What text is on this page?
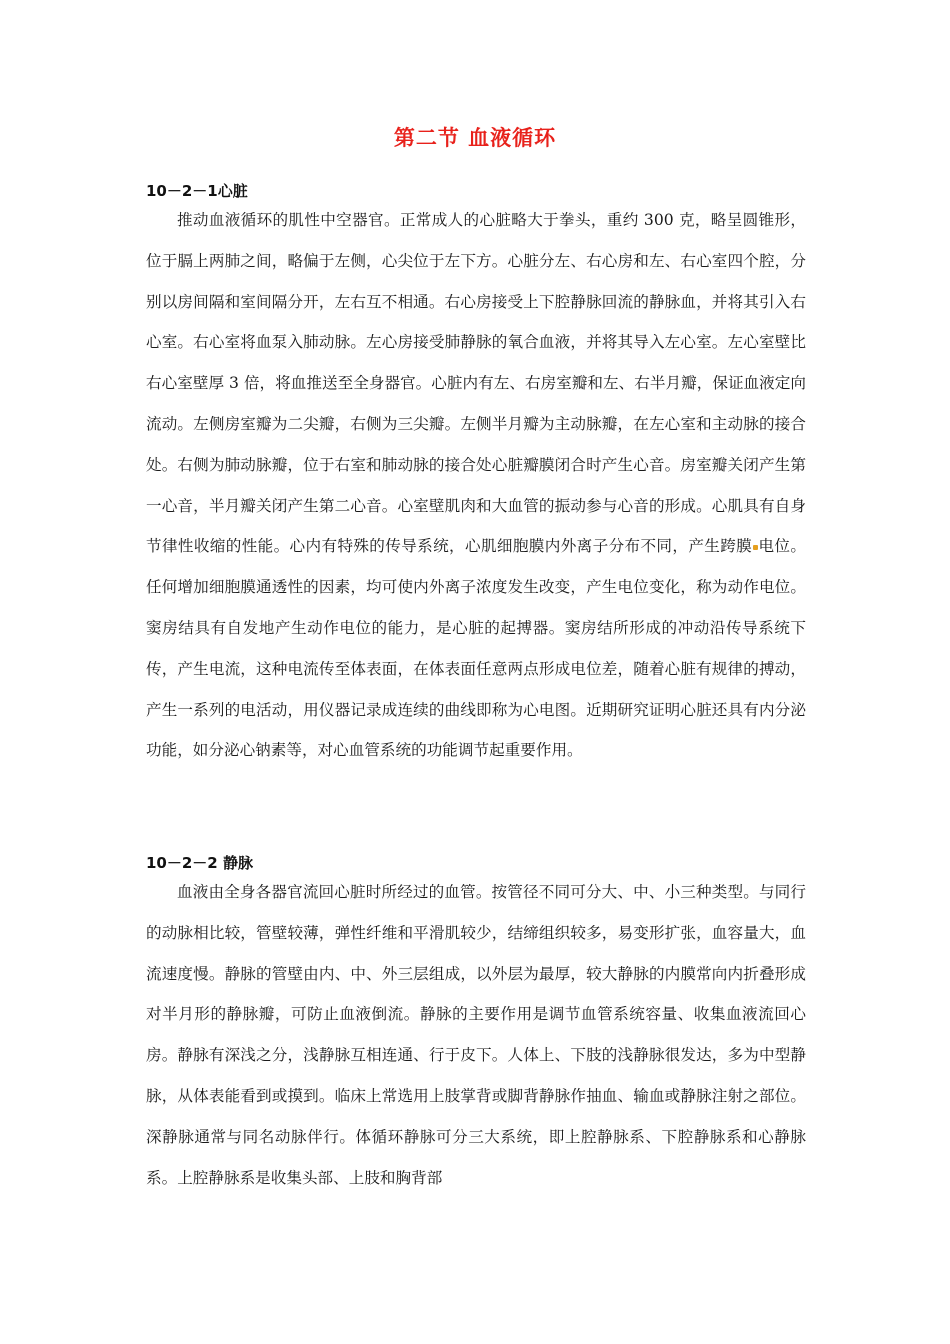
第二节 血液循环
10－2－1心脏

推动血液循环的肌性中空器官。正常成人的心脏略大于拳头，重约 300 克，略呈圆锥形，位于膈上两肺之间，略偏于左侧，心尖位于左下方。心脏分左、右心房和左、右心室四个腔，分别以房间隔和室间隔分开，左右互不相通。右心房接受上下腔静脉回流的静脉血，并将其引入右心室。右心室将血泵入肺动脉。左心房接受肺静脉的氧合血液，并将其导入左心室。左心室壁比右心室壁厚 3 倍，将血推送至全身器官。心脏内有左、右房室瓣和左、右半月瓣，保证血液定向流动。左侧房室瓣为二尖瓣，右侧为三尖瓣。左侧半月瓣为主动脉瓣，在左心室和主动脉的接合处。右侧为肺动脉瓣，位于右室和肺动脉的接合处心脏瓣膜闭合时产生心音。房室瓣关闭产生第一心音，半月瓣关闭产生第二心音。心室壁肌肉和大血管的振动参与心音的形成。心肌具有自身节律性收缩的性能。心内有特殊的传导系统，心肌细胞膜内外离子分布不同，产生跨膜 电位。任何增加细胞膜通透性的因素，均可使内外离子浓度发生改变，产生电位变化，称为动作电位。窦房结具有自发地产生动作电位的能力，是心脏的起搏器。窦房结所形成的冲动沿传导系统下传，产生电流，这种电流传至体表面，在体表面任意两点形成电位差，随着心脏有规律的搏动，产生一系列的电活动，用仪器记录成连续的曲线即称为心电图。近期研究证明心脏还具有内分泌功能，如分泌心钠素等，对心血管系统的功能调节起重要作用。

10－2－2 静脉

血液由全身各器官流回心脏时所经过的血管。按管径不同可分大、中、小三种类型。与同行的动脉相比较，管壁较薄，弹性纤维和平滑肌较少，结缔组织较多，易变形扩张，血容量大，血流速度慢。静脉的管壁由内、中、外三层组成，以外层为最厚，较大静脉的内膜常向内折叠形成对半月形的静脉瓣，可防止血液倒流。静脉的主要作用是调节血管系统容量、收集血液流回心房。静脉有深浅之分，浅静脉互相连通、行于皮下。人体上、下肢的浅静脉很发达，多为中型静脉，从体表能看到或摸到。临床上常选用上肢掌背或脚背静脉作抽血、输血或静脉注射之部位。深静脉通常与同名动脉伴行。体循环静脉可分三大系统，即上腔静脉系、下腔静脉系和心静脉系。上腔静脉系是收集头部、上肢和胸背部
